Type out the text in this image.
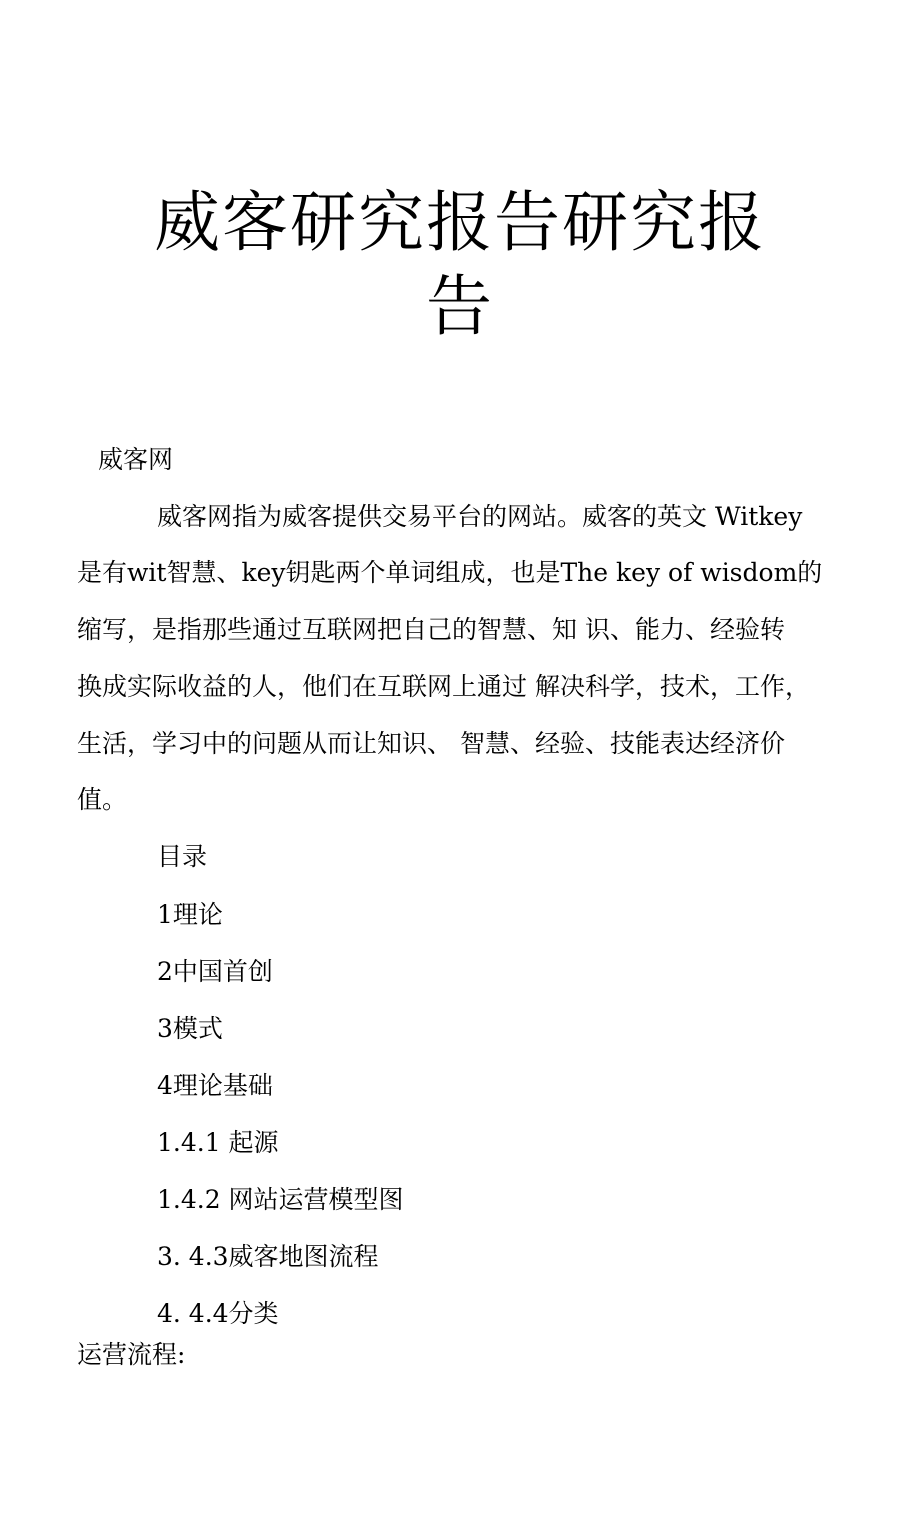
威客研究报告研究报
告
威客网
威客网指为威客提供交易平台的网站。威客的英文 Witkey
是有wit智慧、key钥匙两个单词组成，也是The key of wisdom的
缩写，是指那些通过互联网把自己的智慧、知 识、能力、经验转
换成实际收益的人，他们在互联网上通过 解决科学，技术，工作，
生活，学习中的问题从而让知识、 智慧、经验、技能表达经济价
值。
目录
1理论
2中国首创
3模式
4理论基础
1.4.1 起源
1.4.2 网站运营模型图
3. 4.3威客地图流程
4. 4.4分类
运营流程:
